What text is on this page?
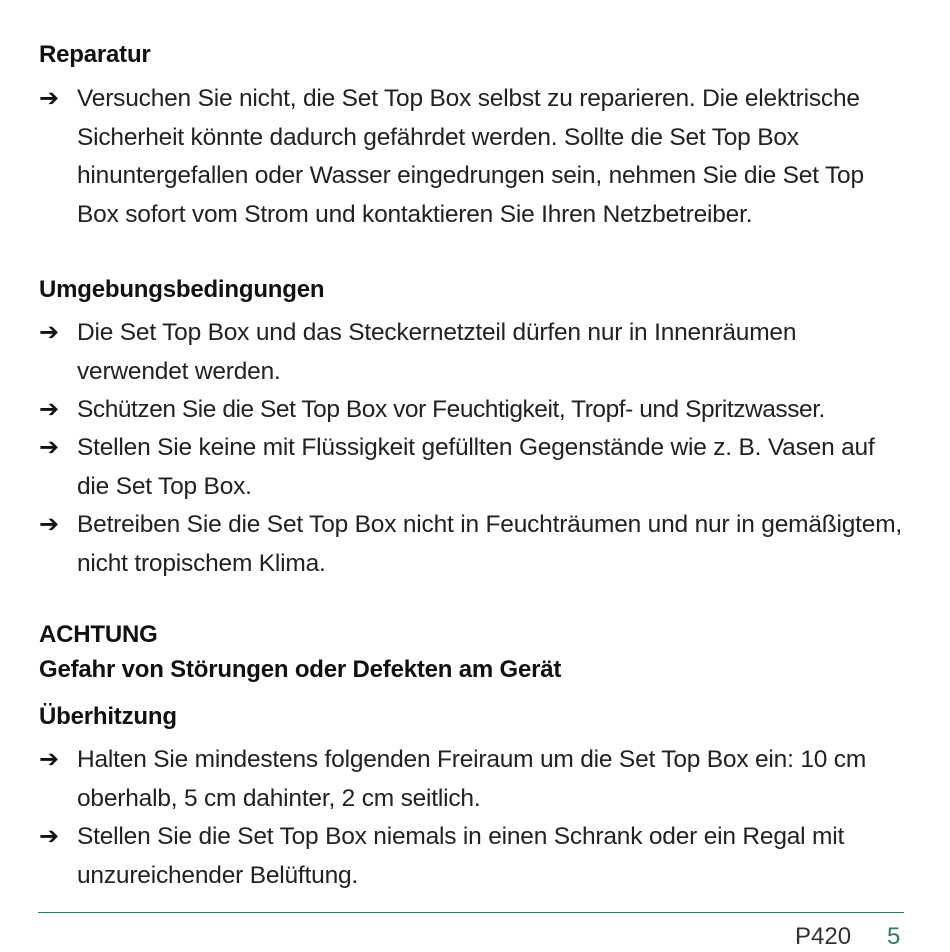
Reparatur
➔ Versuchen Sie nicht, die Set Top Box selbst zu reparieren. Die elektrische Sicherheit könnte dadurch gefährdet werden. Sollte die Set Top Box hinuntergefallen oder Wasser eingedrungen sein, nehmen Sie die Set Top Box sofort vom Strom und kontaktieren Sie Ihren Netzbetreiber.

Umgebungsbedingungen
➔ Die Set Top Box und das Steckernetzteil dürfen nur in Innenräumen verwendet werden.

➔ Schützen Sie die Set Top Box vor Feuchtigkeit, Tropf- und Spritzwasser.

➔ Stellen Sie keine mit Flüssigkeit gefüllten Gegenstände wie z. B. Vasen auf die Set Top Box.

➔ Betreiben Sie die Set Top Box nicht in Feuchträumen und nur in gemäßigtem, nicht tropischem Klima.

ACHTUNG
Gefahr von Störungen oder Defekten am Gerät
Überhitzung
➔ Halten Sie mindestens folgenden Freiraum um die Set Top Box ein: 10 cm oberhalb, 5 cm dahinter, 2 cm seitlich.

➔ Stellen Sie die Set Top Box niemals in einen Schrank oder ein Regal mit unzureichender Belüftung.

P420 5
